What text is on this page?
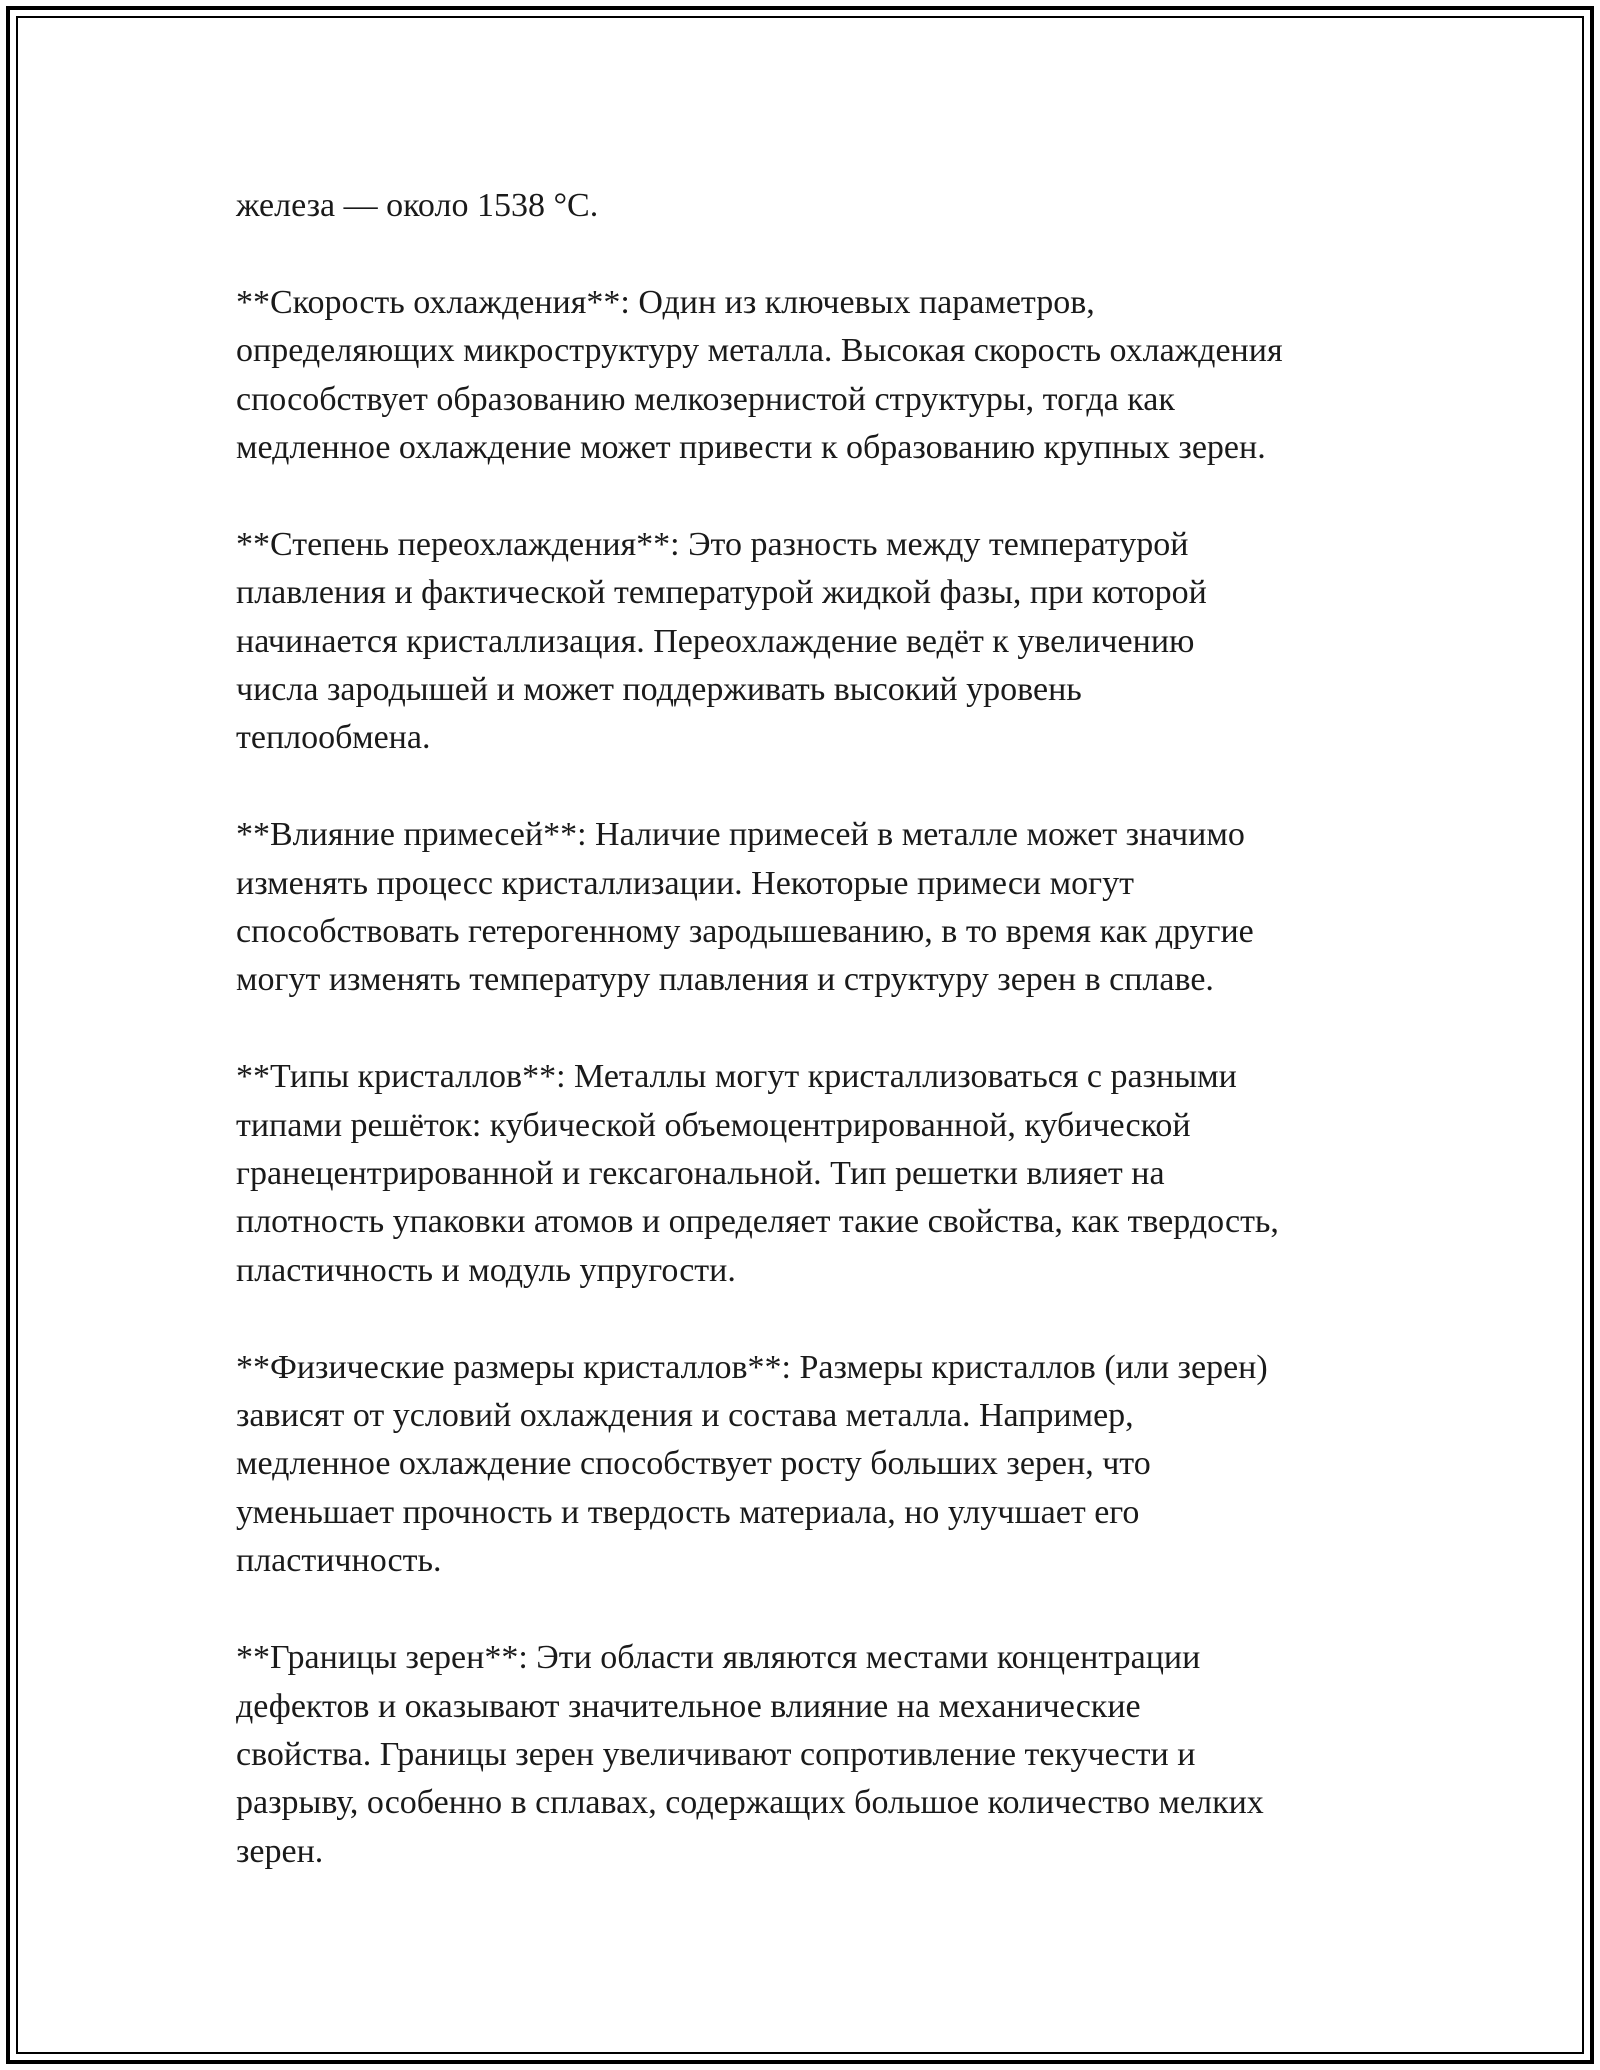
железа — около 1538 °С.

**Скорость охлаждения**: Один из ключевых параметров,
определяющих микроструктуру металла. Высокая скорость охлаждения
способствует образованию мелкозернистой структуры, тогда как
медленное охлаждение может привести к образованию крупных зерен.

**Степень переохлаждения**: Это разность между температурой
плавления и фактической температурой жидкой фазы, при которой
начинается кристаллизация. Переохлаждение ведёт к увеличению
числа зародышей и может поддерживать высокий уровень
теплообмена.

**Влияние примесей**: Наличие примесей в металле может значимо
изменять процесс кристаллизации. Некоторые примеси могут
способствовать гетерогенному зародышеванию, в то время как другие
могут изменять температуру плавления и структуру зерен в сплаве.

**Типы кристаллов**: Металлы могут кристаллизоваться с разными
типами решёток: кубической объемоцентрированной, кубической
гранецентрированной и гексагональной. Тип решетки влияет на
плотность упаковки атомов и определяет такие свойства, как твердость,
пластичность и модуль упругости.

**Физические размеры кристаллов**: Размеры кристаллов (или зерен)
зависят от условий охлаждения и состава металла. Например,
медленное охлаждение способствует росту больших зерен, что
уменьшает прочность и твердость материала, но улучшает его
пластичность.

**Границы зерен**: Эти области являются местами концентрации
дефектов и оказывают значительное влияние на механические
свойства. Границы зерен увеличивают сопротивление текучести и
разрыву, особенно в сплавах, содержащих большое количество мелких
зерен.
